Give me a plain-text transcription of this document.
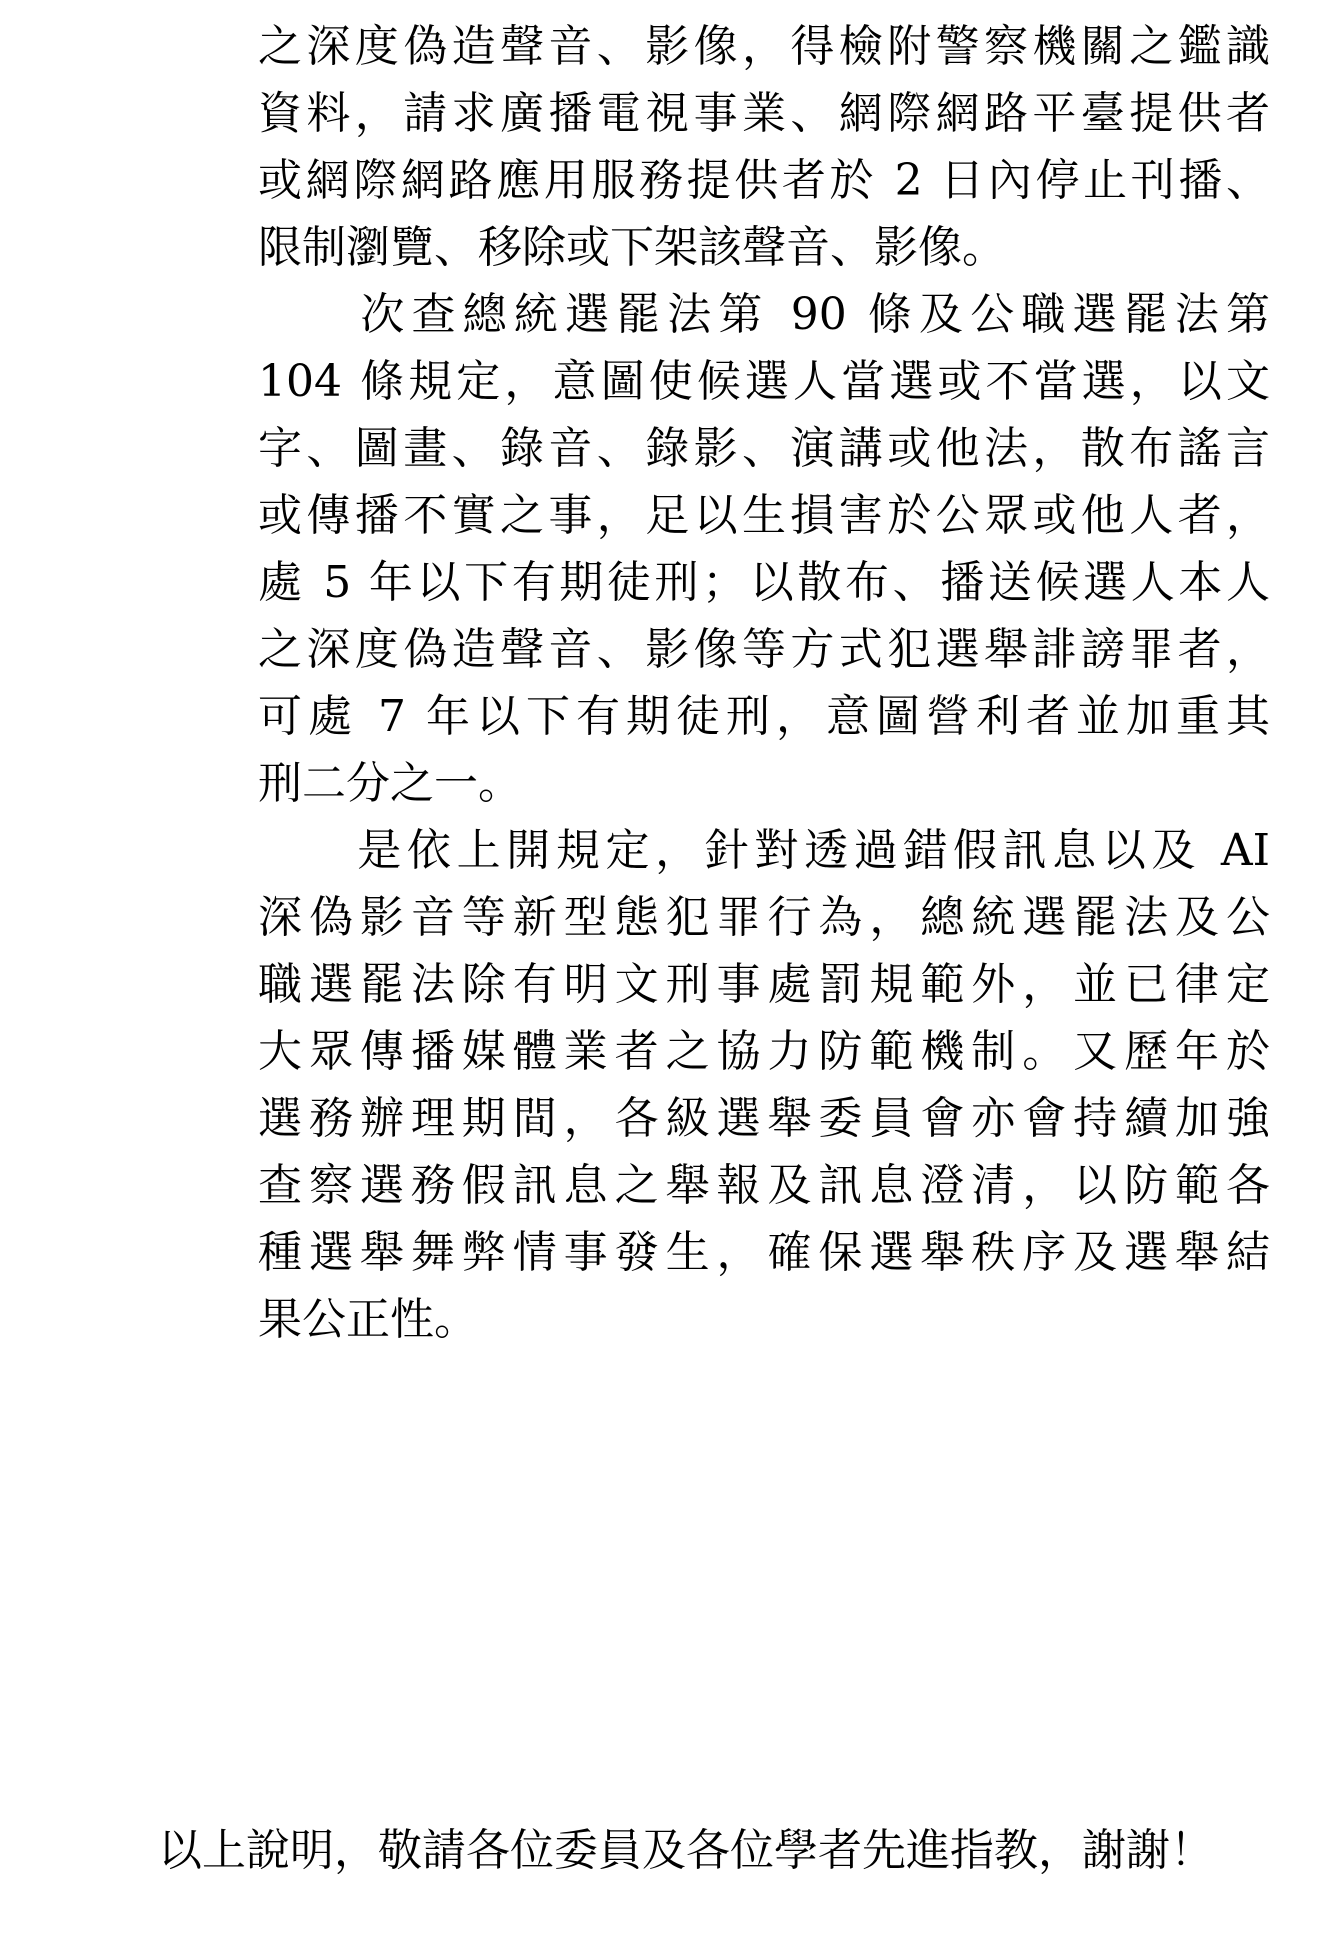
之深度偽造聲音、影像，得檢附警察機關之鑑識
資料，請求廣播電視事業、網際網路平臺提供者
或網際網路應用服務提供者於 2 日內停止刊播、
限制瀏覽、移除或下架該聲音、影像。
　　次查總統選罷法第 90 條及公職選罷法第
104 條規定，意圖使候選人當選或不當選，以文
字、圖畫、錄音、錄影、演講或他法，散布謠言
或傳播不實之事，足以生損害於公眾或他人者，
處 5 年以下有期徒刑；以散布、播送候選人本人
之深度偽造聲音、影像等方式犯選舉誹謗罪者，
可處 7 年以下有期徒刑，意圖營利者並加重其
刑二分之一。
　　是依上開規定，針對透過錯假訊息以及 AI
深偽影音等新型態犯罪行為，總統選罷法及公
職選罷法除有明文刑事處罰規範外，並已律定
大眾傳播媒體業者之協力防範機制。又歷年於
選務辦理期間，各級選舉委員會亦會持續加強
查察選務假訊息之舉報及訊息澄清，以防範各
種選舉舞弊情事發生，確保選舉秩序及選舉結
果公正性。
以上說明，敬請各位委員及各位學者先進指教，謝謝！
